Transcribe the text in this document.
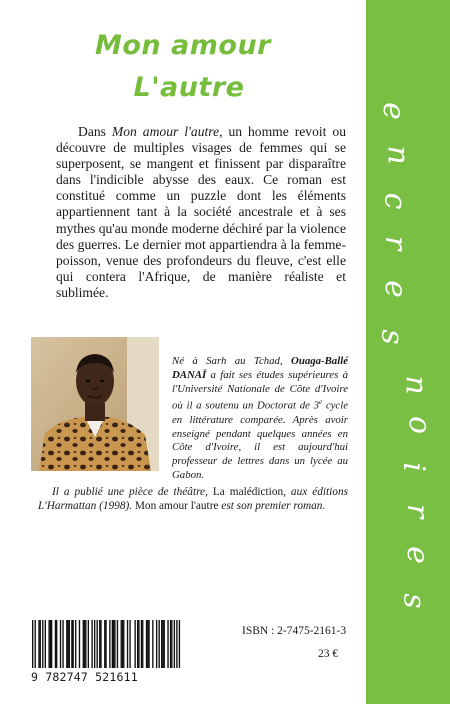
Mon amour
L'autre

Dans Mon amour l'autre, un homme revoit ou découvre de multiples visages de femmes qui se superposent, se mangent et finissent par disparaître dans l'indicible abysse des eaux. Ce roman est constitué comme un puzzle dont les éléments appartiennent tant à la société ancestrale et à ses mythes qu'au monde moderne déchiré par la violence des guerres. Le dernier mot appartiendra à la femme-poisson, venue des profondeurs du fleuve, c'est elle qui contera l'Afrique, de manière réaliste et sublimée.

Né à Sarh au Tchad, Ouaga-Ballé DANAÏ a fait ses études supérieures à l'Université Nationale de Côte d'Ivoire où il a soutenu un Doctorat de 3e cycle en littérature comparée. Après avoir enseigné pendant quelques années en Côte d'Ivoire, il est aujourd'hui professeur de lettres dans un lycée au Gabon.

Il a publié une pièce de théâtre, La malédiction, aux éditions L'Harmattan (1998). Mon amour l'autre est son premier roman.

9 782747 521611
ISBN : 2-7475-2161-3
23 €
e
n
c
r
e
s
n
o
i
r
e
s
